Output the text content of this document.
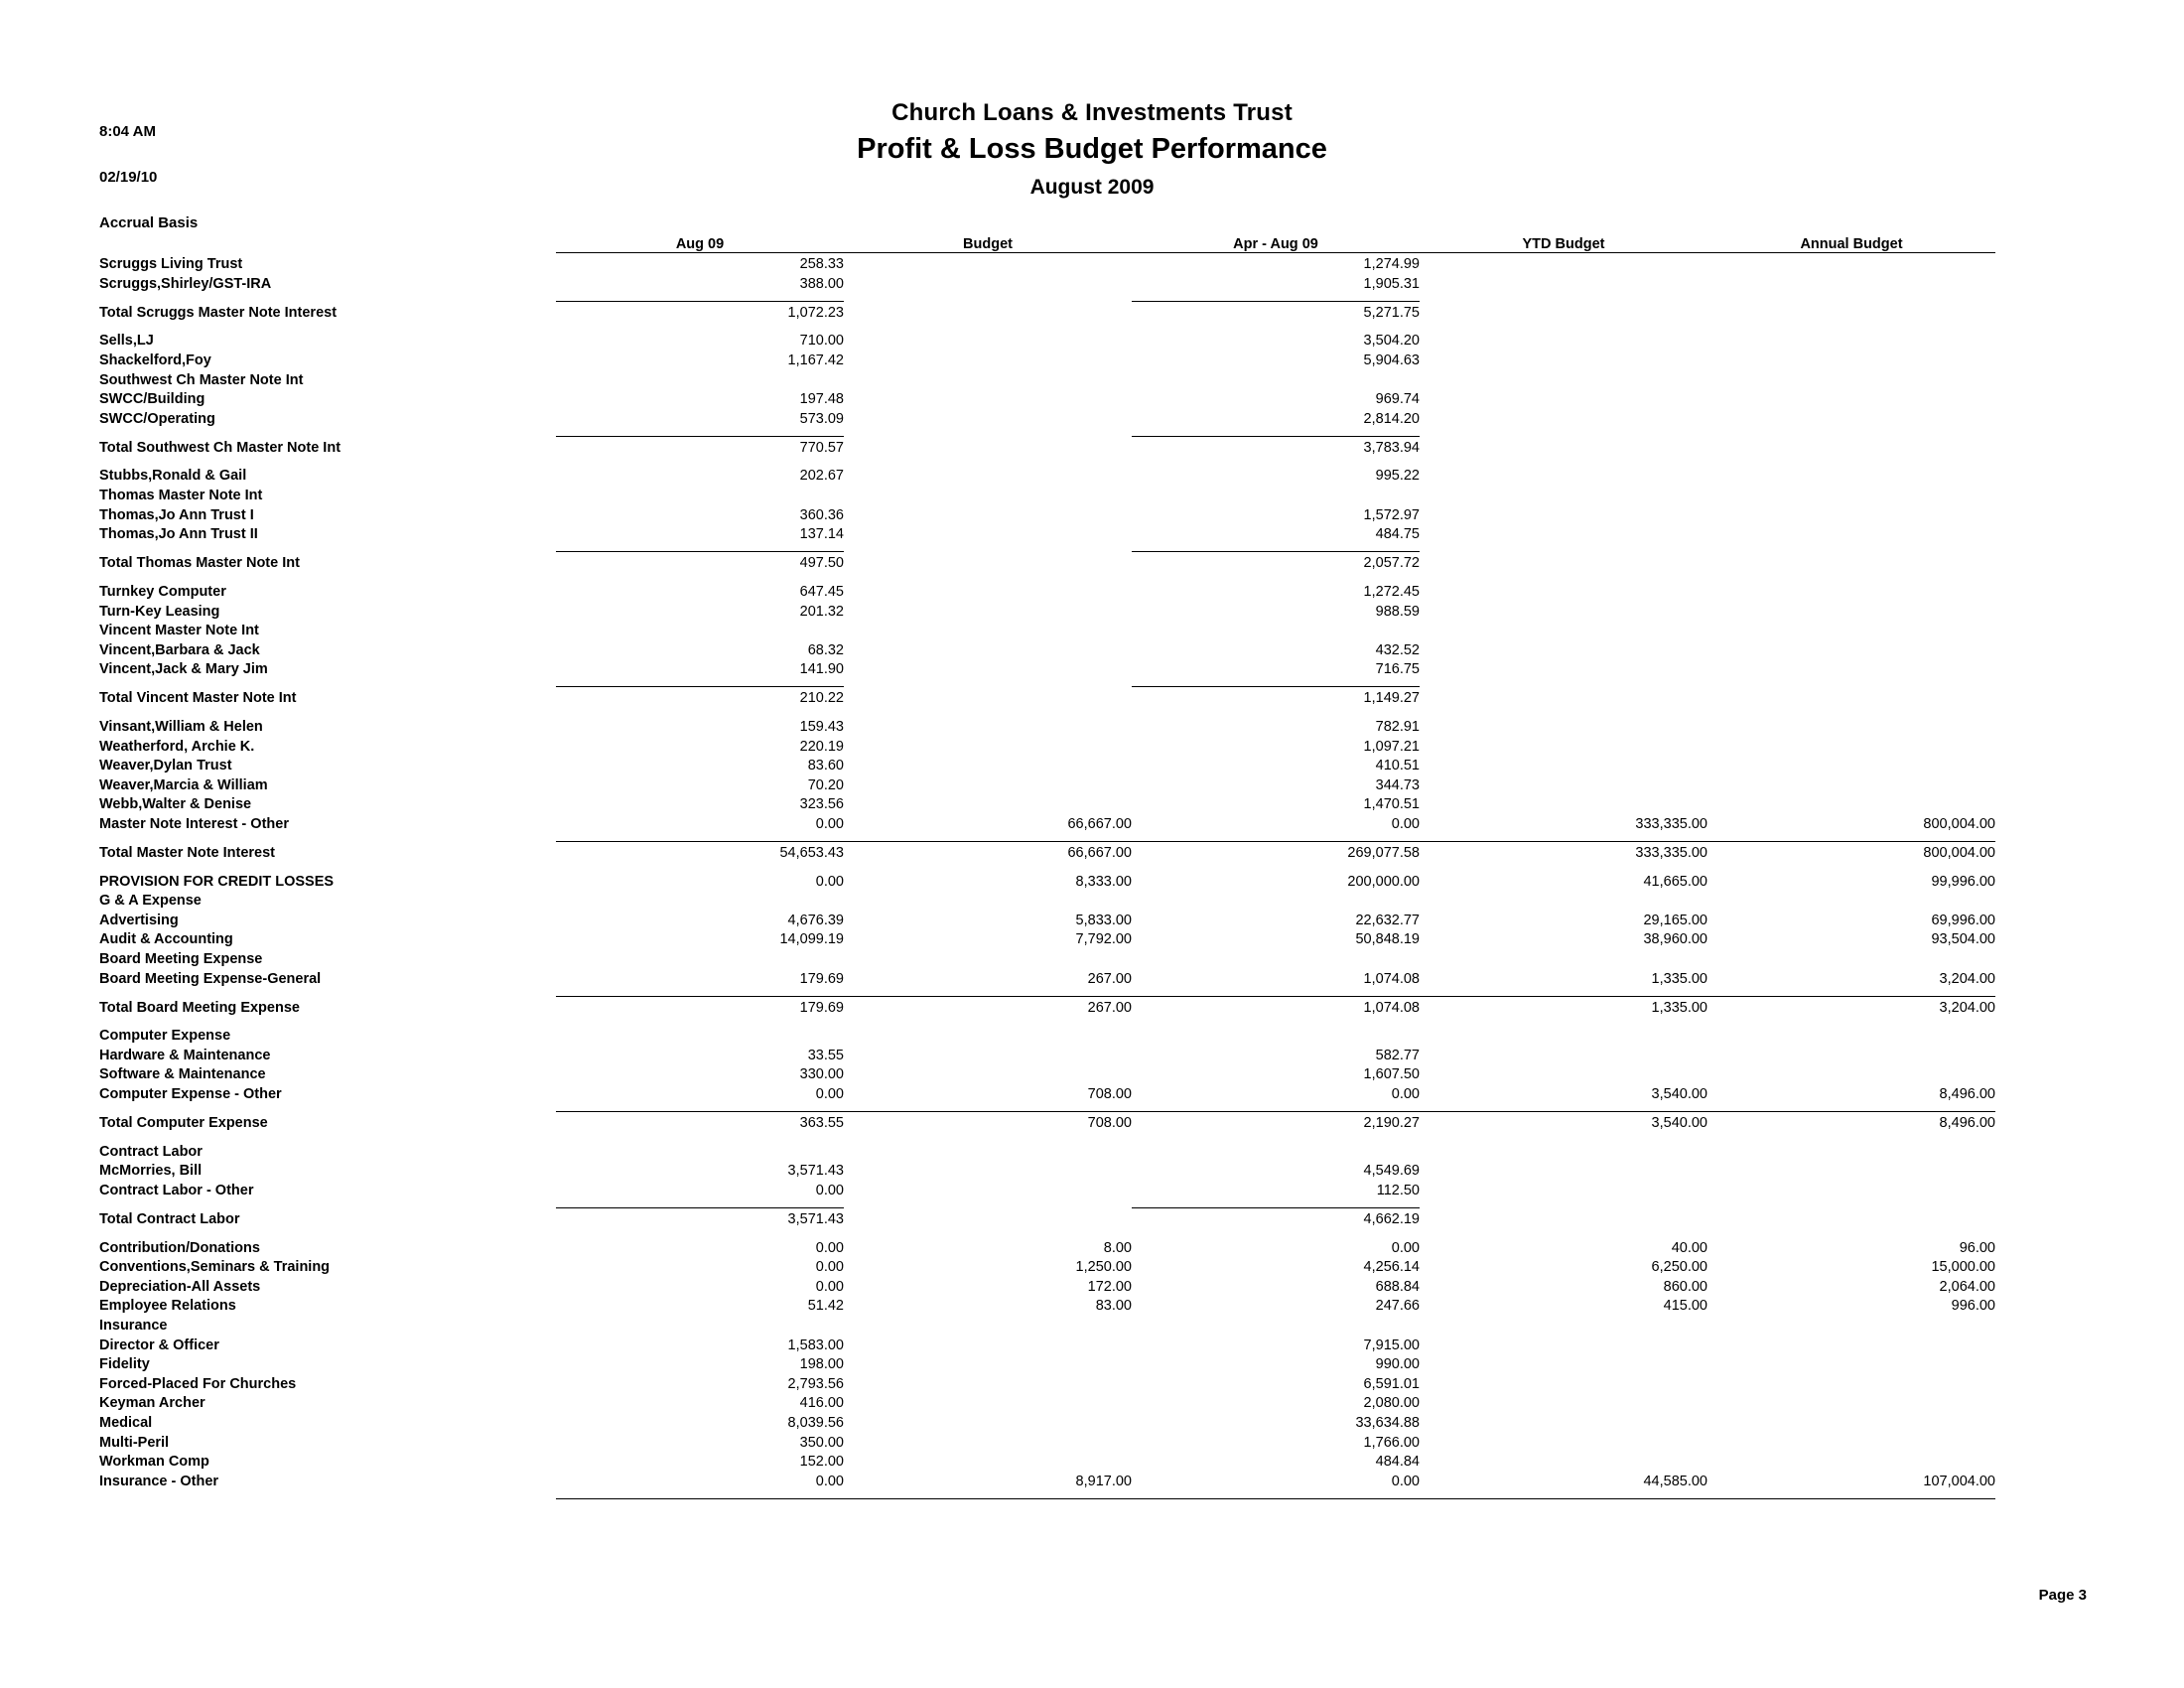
8:04 AM
02/19/10
Accrual Basis
Church Loans & Investments Trust
Profit & Loss Budget Performance
August 2009
	Aug 09	Budget	Apr - Aug 09	YTD Budget	Annual Budget
Scruggs Living Trust	258.33		1,274.99		
Scruggs,Shirley/GST-IRA	388.00		1,905.31		

Total Scruggs Master Note Interest	1,072.23		5,271.75		

Sells,LJ	710.00		3,504.20		
Shackelford,Foy	1,167.42		5,904.63		
Southwest Ch Master Note Int					
SWCC/Building	197.48		969.74		
SWCC/Operating	573.09		2,814.20		

Total Southwest Ch Master Note Int	770.57		3,783.94		

Stubbs,Ronald & Gail	202.67		995.22		
Thomas Master Note Int					
Thomas,Jo Ann Trust I	360.36		1,572.97		
Thomas,Jo Ann Trust II	137.14		484.75		

Total Thomas Master Note Int	497.50		2,057.72		

Turnkey Computer	647.45		1,272.45		
Turn-Key Leasing	201.32		988.59		
Vincent Master Note Int					
Vincent,Barbara & Jack	68.32		432.52		
Vincent,Jack & Mary Jim	141.90		716.75		

Total Vincent Master Note Int	210.22		1,149.27		

Vinsant,William & Helen	159.43		782.91		
Weatherford, Archie K.	220.19		1,097.21		
Weaver,Dylan Trust	83.60		410.51		
Weaver,Marcia & William	70.20		344.73		
Webb,Walter & Denise	323.56		1,470.51		
Master Note Interest - Other	0.00	66,667.00	0.00	333,335.00	800,004.00

Total Master Note Interest	54,653.43	66,667.00	269,077.58	333,335.00	800,004.00

PROVISION FOR CREDIT LOSSES	0.00	8,333.00	200,000.00	41,665.00	99,996.00
G & A Expense					
Advertising	4,676.39	5,833.00	22,632.77	29,165.00	69,996.00
Audit & Accounting	14,099.19	7,792.00	50,848.19	38,960.00	93,504.00
Board Meeting Expense					
Board Meeting Expense-General	179.69	267.00	1,074.08	1,335.00	3,204.00

Total Board Meeting Expense	179.69	267.00	1,074.08	1,335.00	3,204.00

Computer Expense					
Hardware & Maintenance	33.55		582.77		
Software & Maintenance	330.00		1,607.50		
Computer Expense - Other	0.00	708.00	0.00	3,540.00	8,496.00

Total Computer Expense	363.55	708.00	2,190.27	3,540.00	8,496.00

Contract Labor					
McMorries, Bill	3,571.43		4,549.69		
Contract Labor - Other	0.00		112.50		

Total Contract Labor	3,571.43		4,662.19		

Contribution/Donations	0.00	8.00	0.00	40.00	96.00
Conventions,Seminars & Training	0.00	1,250.00	4,256.14	6,250.00	15,000.00
Depreciation-All Assets	0.00	172.00	688.84	860.00	2,064.00
Employee Relations	51.42	83.00	247.66	415.00	996.00
Insurance					
Director & Officer	1,583.00		7,915.00		
Fidelity	198.00		990.00		
Forced-Placed For Churches	2,793.56		6,591.01		
Keyman Archer	416.00		2,080.00		
Medical	8,039.56		33,634.88		
Multi-Peril	350.00		1,766.00		
Workman Comp	152.00		484.84		
Insurance - Other	0.00	8,917.00	0.00	44,585.00	107,004.00

Page 3
